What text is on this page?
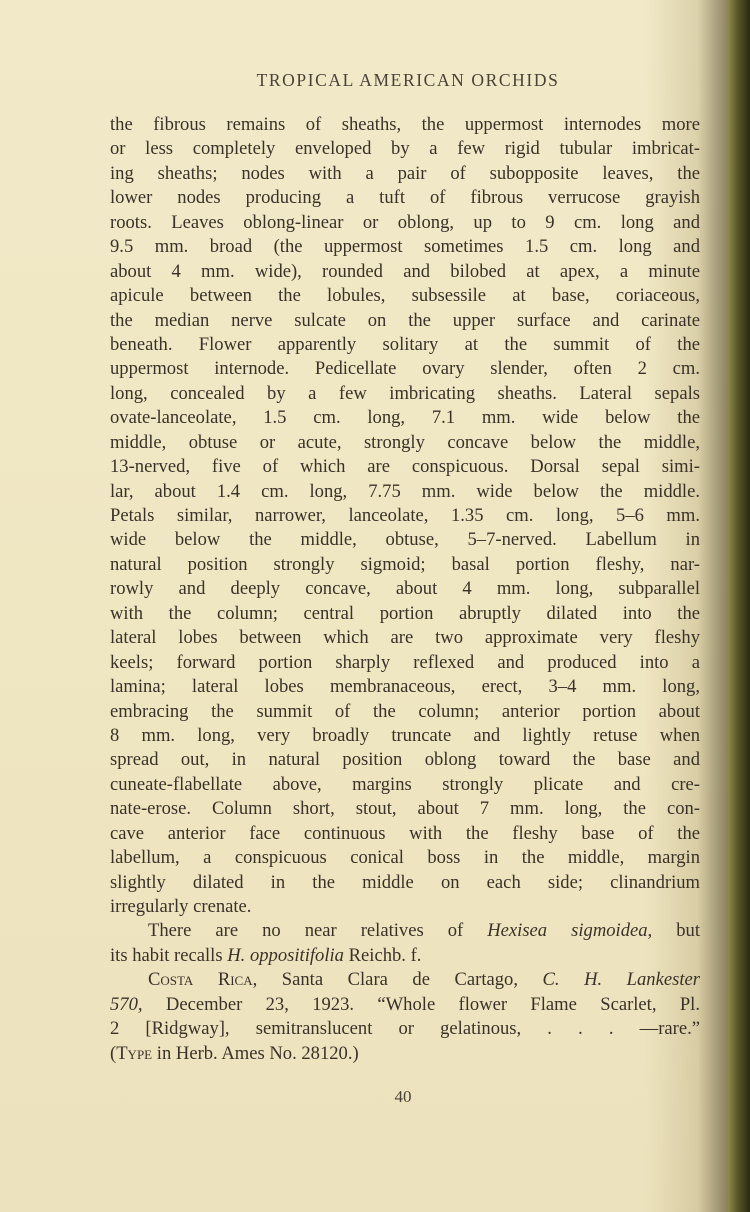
TROPICAL AMERICAN ORCHIDS
the fibrous remains of sheaths, the uppermost internodes more
or less completely enveloped by a few rigid tubular imbricat-
ing sheaths; nodes with a pair of subopposite leaves, the
lower nodes producing a tuft of fibrous verrucose grayish
roots. Leaves oblong-linear or oblong, up to 9 cm. long and
9.5 mm. broad (the uppermost sometimes 1.5 cm. long and
about 4 mm. wide), rounded and bilobed at apex, a minute
apicule between the lobules, subsessile at base, coriaceous,
the median nerve sulcate on the upper surface and carinate
beneath. Flower apparently solitary at the summit of the
uppermost internode. Pedicellate ovary slender, often 2 cm.
long, concealed by a few imbricating sheaths. Lateral sepals
ovate-lanceolate, 1.5 cm. long, 7.1 mm. wide below the
middle, obtuse or acute, strongly concave below the middle,
13-nerved, five of which are conspicuous. Dorsal sepal simi-
lar, about 1.4 cm. long, 7.75 mm. wide below the middle.
Petals similar, narrower, lanceolate, 1.35 cm. long, 5–6 mm.
wide below the middle, obtuse, 5–7-nerved. Labellum in
natural position strongly sigmoid; basal portion fleshy, nar-
rowly and deeply concave, about 4 mm. long, subparallel
with the column; central portion abruptly dilated into the
lateral lobes between which are two approximate very fleshy
keels; forward portion sharply reflexed and produced into a
lamina; lateral lobes membranaceous, erect, 3–4 mm. long,
embracing the summit of the column; anterior portion about
8 mm. long, very broadly truncate and lightly retuse when
spread out, in natural position oblong toward the base and
cuneate-flabellate above, margins strongly plicate and cre-
nate-erose. Column short, stout, about 7 mm. long, the con-
cave anterior face continuous with the fleshy base of the
labellum, a conspicuous conical boss in the middle, margin
slightly dilated in the middle on each side; clinandrium
irregularly crenate.
There are no near relatives of Hexisea sigmoidea, but
its habit recalls H. oppositifolia Reichb. f.
Costa Rica, Santa Clara de Cartago, C. H. Lankester
570, December 23, 1923. “Whole flower Flame Scarlet, Pl.
2 [Ridgway], semitranslucent or gelatinous, . . . —rare.”
(Type in Herb. Ames No. 28120.)
40
